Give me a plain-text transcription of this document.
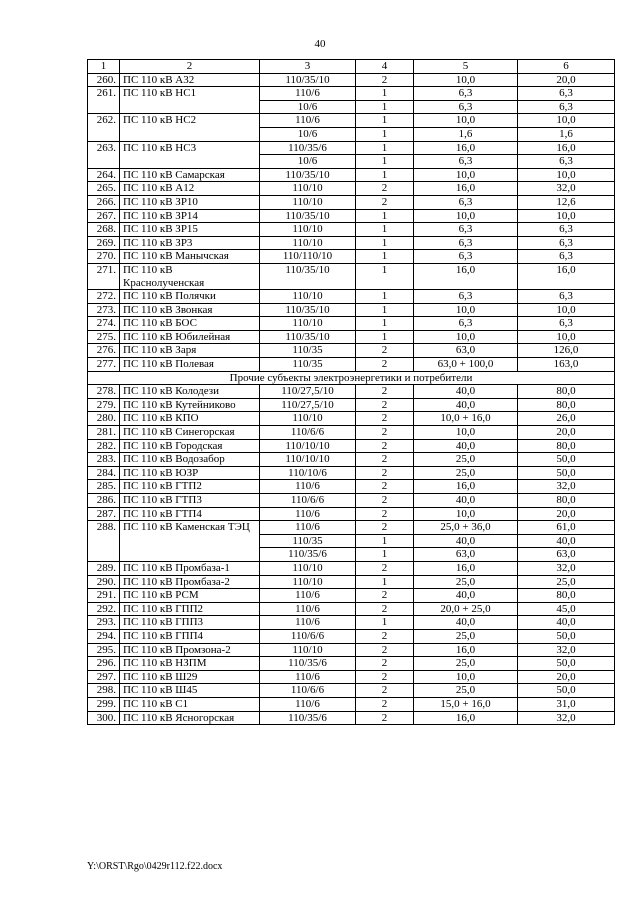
40
1	2	3	4	5	6
260.	ПС 110 кВ А32	110/35/10	2	10,0	20,0
261.	ПС 110 кВ НС1	110/6	1	6,3	6,3
		10/6	1	6,3	6,3
262.	ПС 110 кВ НС2	110/6	1	10,0	10,0
		10/6	1	1,6	1,6
263.	ПС 110 кВ НС3	110/35/6	1	16,0	16,0
		10/6	1	6,3	6,3
264.	ПС 110 кВ Самарская	110/35/10	1	10,0	10,0
265.	ПС 110 кВ А12	110/10	2	16,0	32,0
266.	ПС 110 кВ ЗР10	110/10	2	6,3	12,6
267.	ПС 110 кВ ЗР14	110/35/10	1	10,0	10,0
268.	ПС 110 кВ ЗР15	110/10	1	6,3	6,3
269.	ПС 110 кВ ЗР3	110/10	1	6,3	6,3
270.	ПС 110 кВ Манычская	110/110/10	1	6,3	6,3
271.	ПС 110 кВ Краснолученская	110/35/10	1	16,0	16,0
272.	ПС 110 кВ Полячки	110/10	1	6,3	6,3
273.	ПС 110 кВ Звонкая	110/35/10	1	10,0	10,0
274.	ПС 110 кВ БОС	110/10	1	6,3	6,3
275.	ПС 110 кВ Юбилейная	110/35/10	1	10,0	10,0
276.	ПС 110 кВ Заря	110/35	2	63,0	126,0
277.	ПС 110 кВ Полевая	110/35	2	63,0 + 100,0	163,0
Прочие субъекты электроэнергетики и потребители					
278.	ПС 110 кВ Колодези	110/27,5/10	2	40,0	80,0
279.	ПС 110 кВ Кутейниково	110/27,5/10	2	40,0	80,0
280.	ПС 110 кВ КПО	110/10	2	10,0 + 16,0	26,0
281.	ПС 110 кВ Синегорская	110/6/6	2	10,0	20,0
282.	ПС 110 кВ Городская	110/10/10	2	40,0	80,0
283.	ПС 110 кВ Водозабор	110/10/10	2	25,0	50,0
284.	ПС 110 кВ ЮЗР	110/10/6	2	25,0	50,0
285.	ПС 110 кВ ГТП2	110/6	2	16,0	32,0
286.	ПС 110 кВ ГТП3	110/6/6	2	40,0	80,0
287.	ПС 110 кВ ГТП4	110/6	2	10,0	20,0
288.	ПС 110 кВ Каменская ТЭЦ	110/6	2	25,0 + 36,0	61,0
		110/35	1	40,0	40,0
		110/35/6	1	63,0	63,0
289.	ПС 110 кВ Промбаза-1	110/10	2	16,0	32,0
290.	ПС 110 кВ Промбаза-2	110/10	1	25,0	25,0
291.	ПС 110 кВ РСМ	110/6	2	40,0	80,0
292.	ПС 110 кВ ГПП2	110/6	2	20,0 + 25,0	45,0
293.	ПС 110 кВ ГПП3	110/6	1	40,0	40,0
294.	ПС 110 кВ ГПП4	110/6/6	2	25,0	50,0
295.	ПС 110 кВ Промзона-2	110/10	2	16,0	32,0
296.	ПС 110 кВ НЗПМ	110/35/6	2	25,0	50,0
297.	ПС 110 кВ Ш29	110/6	2	10,0	20,0
298.	ПС 110 кВ Ш45	110/6/6	2	25,0	50,0
299.	ПС 110 кВ С1	110/6	2	15,0 + 16,0	31,0
300.	ПС 110 кВ Ясногорская	110/35/6	2	16,0	32,0
Y:\ORST\Rgo\0429r112.f22.docx
